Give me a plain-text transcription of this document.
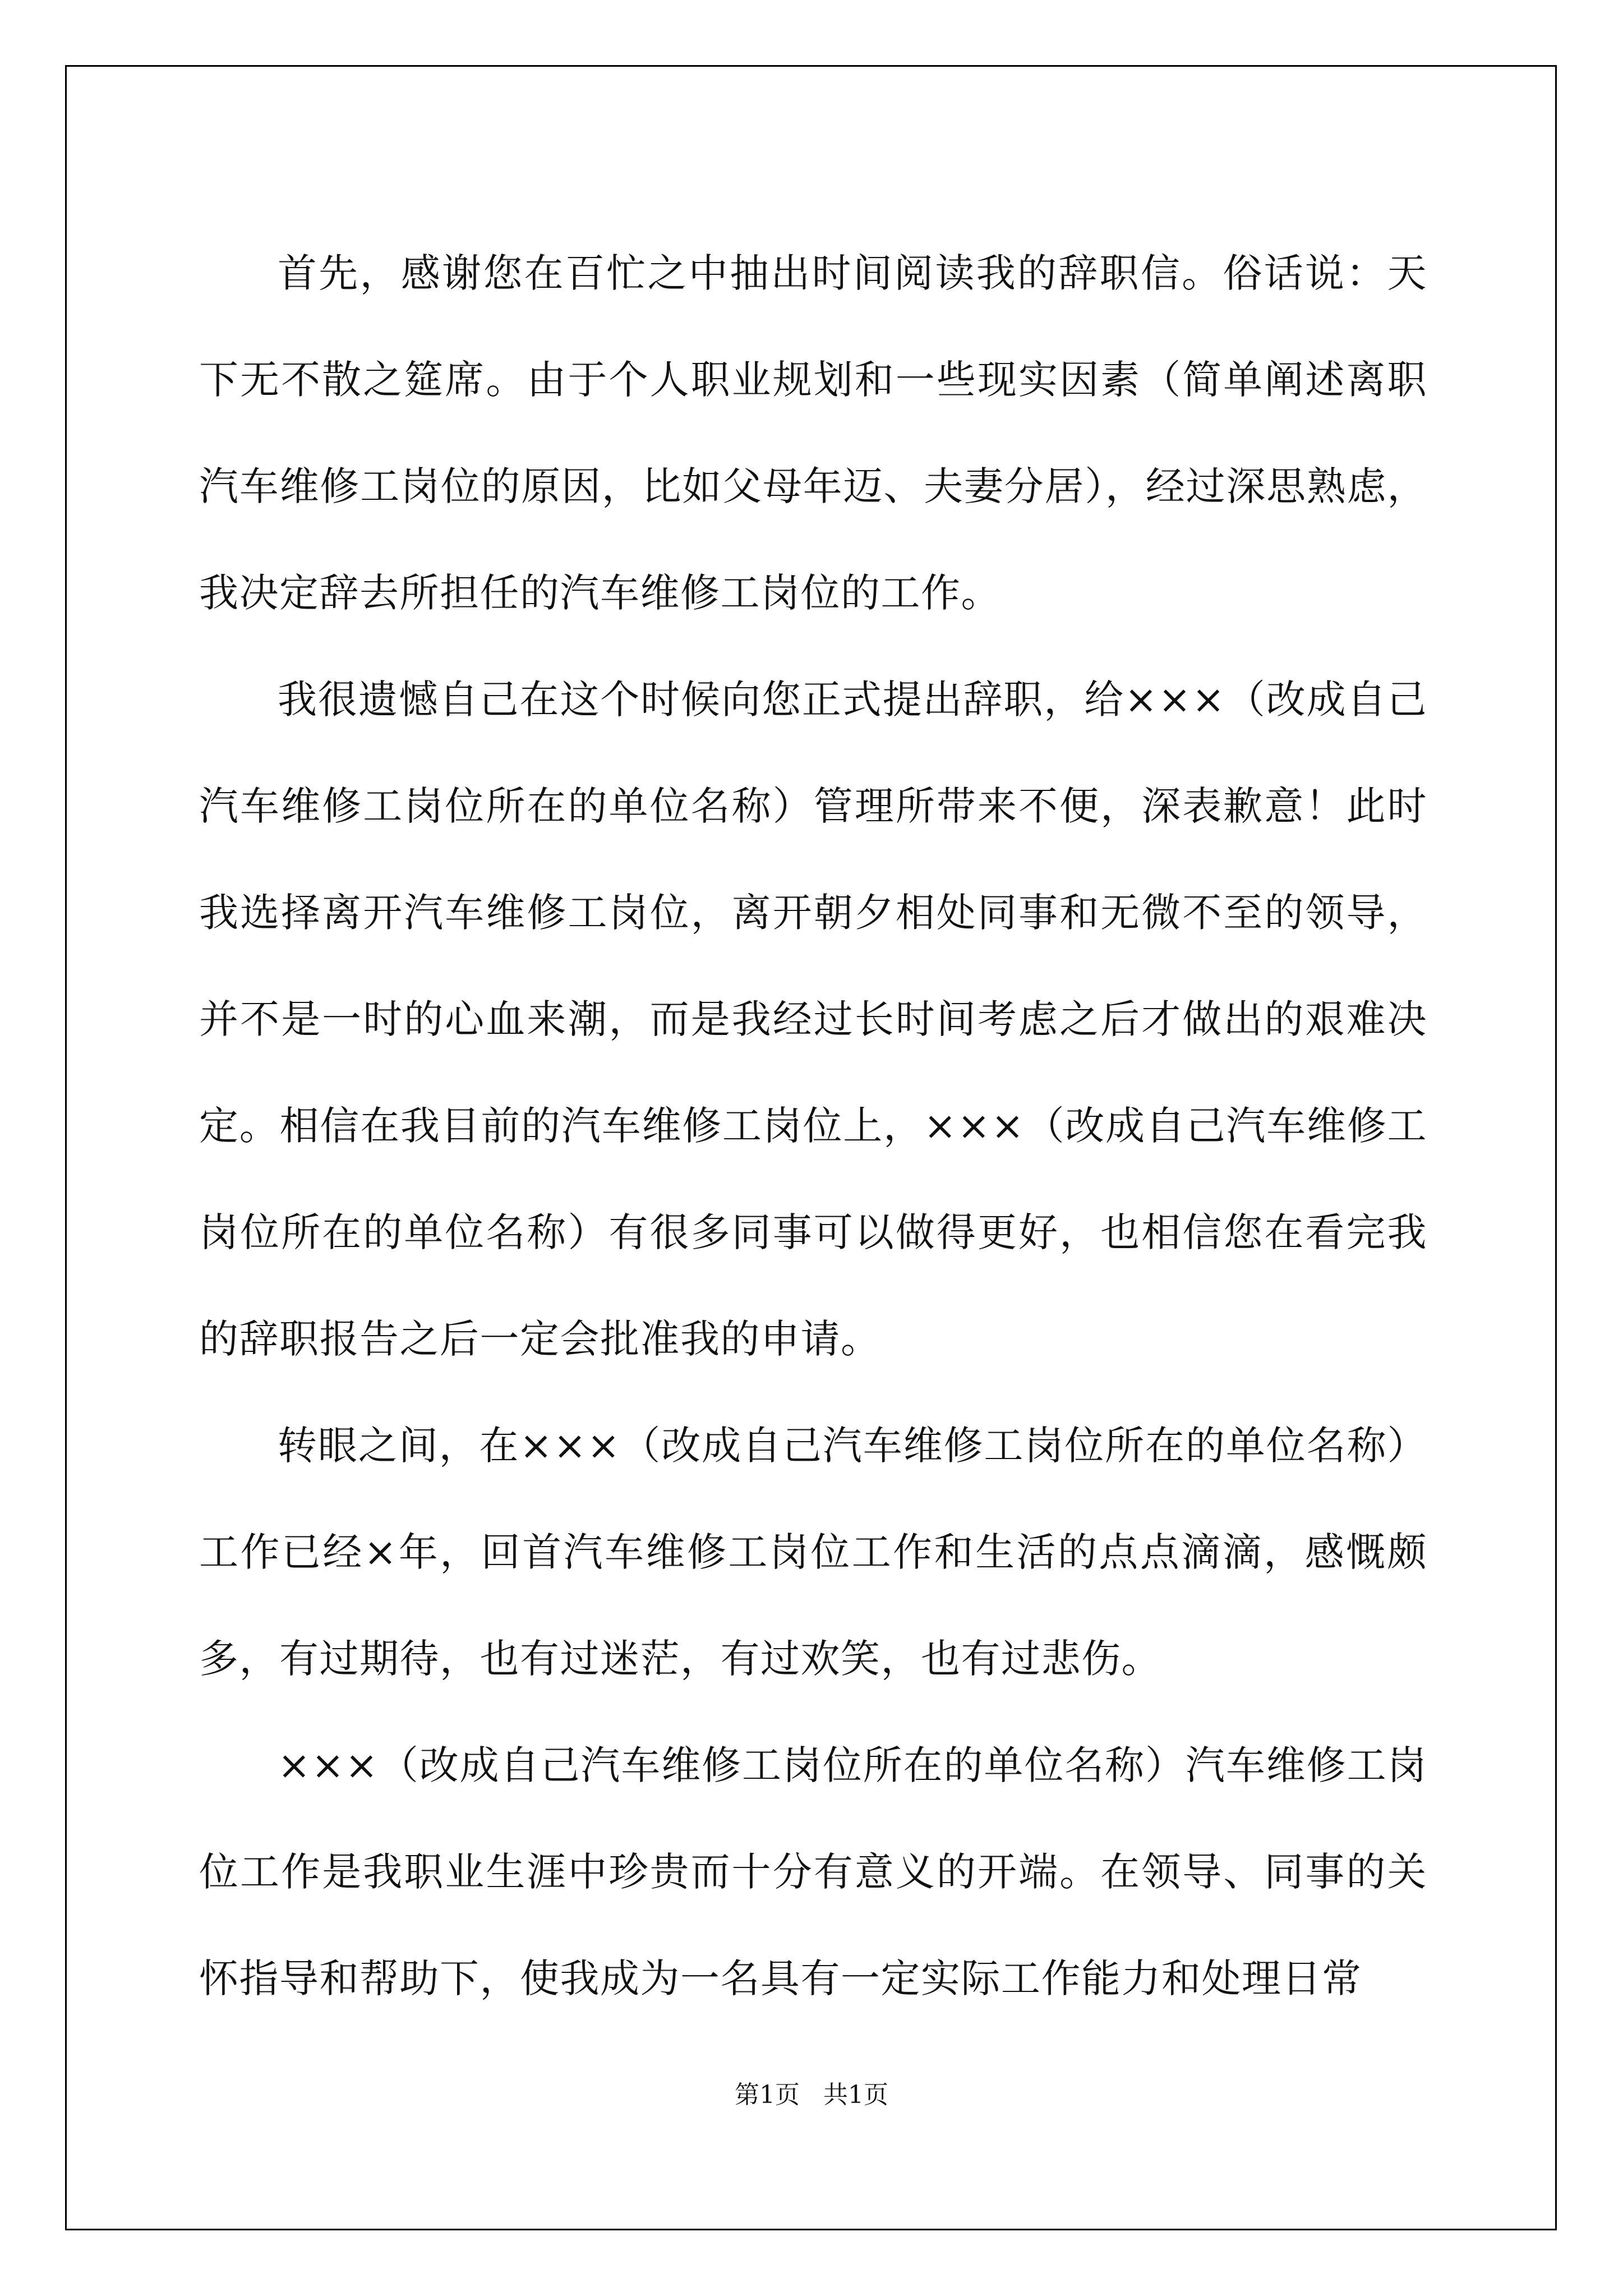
首先，感谢您在百忙之中抽出时间阅读我的辞职信。俗话说：天下无不散之筵席。由于个人职业规划和一些现实因素（简单阐述离职汽车维修工岗位的原因，比如父母年迈、夫妻分居），经过深思熟虑，我决定辞去所担任的汽车维修工岗位的工作。

我很遗憾自己在这个时候向您正式提出辞职，给×××（改成自己汽车维修工岗位所在的单位名称）管理所带来不便，深表歉意！此时我选择离开汽车维修工岗位，离开朝夕相处同事和无微不至的领导，并不是一时的心血来潮，而是我经过长时间考虑之后才做出的艰难决定。相信在我目前的汽车维修工岗位上，×××（改成自己汽车维修工岗位所在的单位名称）有很多同事可以做得更好，也相信您在看完我的辞职报告之后一定会批准我的申请。

转眼之间，在×××（改成自己汽车维修工岗位所在的单位名称）工作已经×年，回首汽车维修工岗位工作和生活的点点滴滴，感慨颇多，有过期待，也有过迷茫，有过欢笑，也有过悲伤。

×××（改成自己汽车维修工岗位所在的单位名称）汽车维修工岗位工作是我职业生涯中珍贵而十分有意义的开端。在领导、同事的关怀指导和帮助下，使我成为一名具有一定实际工作能力和处理日常

第1页   共1页
